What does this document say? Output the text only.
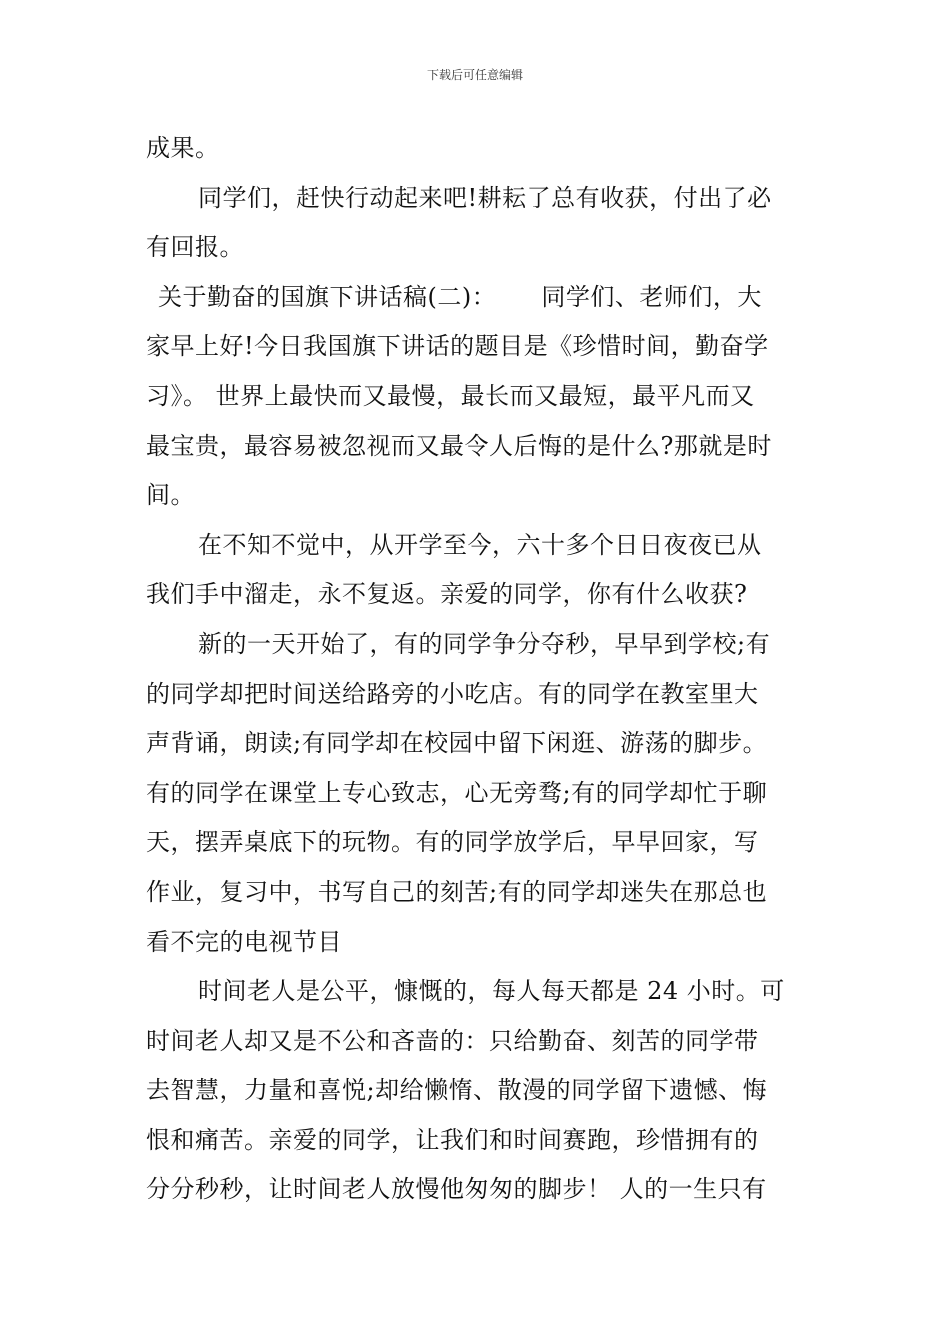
下载后可任意编辑
成果。
同学们，赶快行动起来吧!耕耘了总有收获，付出了必
有回报。
关于勤奋的国旗下讲话稿(二)：　　 同学们、老师们，大
家早上好!今日我国旗下讲话的题目是《珍惜时间，勤奋学
习》。 世界上最快而又最慢，最长而又最短，最平凡而又
最宝贵，最容易被忽视而又最令人后悔的是什么?那就是时
间。
在不知不觉中，从开学至今，六十多个日日夜夜已从
我们手中溜走，永不复返。亲爱的同学，你有什么收获?
新的一天开始了，有的同学争分夺秒，早早到学校;有
的同学却把时间送给路旁的小吃店。有的同学在教室里大
声背诵，朗读;有同学却在校园中留下闲逛、游荡的脚步。
有的同学在课堂上专心致志，心无旁骛;有的同学却忙于聊
天，摆弄桌底下的玩物。有的同学放学后，早早回家，写
作业，复习中，书写自己的刻苦;有的同学却迷失在那总也
看不完的电视节目
时间老人是公平，慷慨的，每人每天都是 24 小时。可
时间老人却又是不公和吝啬的：只给勤奋、刻苦的同学带
去智慧，力量和喜悦;却给懒惰、散漫的同学留下遗憾、悔
恨和痛苦。亲爱的同学，让我们和时间赛跑，珍惜拥有的
分分秒秒，让时间老人放慢他匆匆的脚步！ 人的一生只有
